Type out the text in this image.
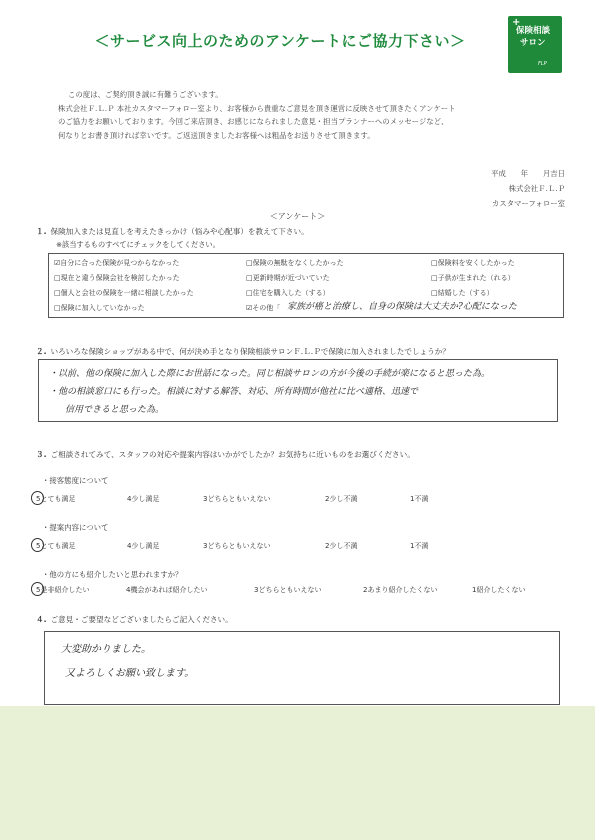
＜サービス向上のためのアンケートにご協力下さい＞
+
保険相談
サロン
FLP
この度は、ご契約頂き誠に有難うございます。
株式会社Ｆ.Ｌ.Ｐ 本社カスタマーフォロー室より、お客様から貴重なご意見を頂き運営に反映させて頂きたくアンケート
のご協力をお願いしております。今回ご来店頂き、お感じになられました意見・担当プランナーへのメッセージなど、
何なりとお書き頂ければ幸いです。ご返送頂きましたお客様へは粗品をお送りさせて頂きます。
平成　　年　　月吉日
株式会社Ｆ.Ｌ.Ｐ
カスタマーフォロー室
＜アンケート＞
１. 保険加入または見直しを考えたきっかけ（悩みや心配事）を教えて下さい。
※該当するものすべてにチェックをしてください。
☑自分に合った保険が見つからなかった	□保険の無駄をなくしたかった	□保険料を安くしたかった
□現在と違う保険会社を検討したかった	□更新時期が近づいていた	□子供が生まれた（れる）
□個人と会社の保険を一緒に相談したかった	□住宅を購入した（する）	□結婚した（する）
□保険に加入していなかった	☑その他「 家族が癌と治療し、自身の保険は大丈夫か?心配になった
２. いろいろな保険ショップがある中で、何が決め手となり保険相談サロンＦ.Ｌ.Ｐで保険に加入されましたでしょうか？
・以前、他の保険に加入した際にお世話になった。同じ相談サロンの方が今後の手続が楽になると思った為。
・他の相談窓口にも行った。相談に対する解答、対応、所有時間が他社に比べ適格、迅速で
信用できると思った為。
３. ご相談されてみて、スタッフの対応や提案内容はいかがでしたか？お気持ちに近いものをお選びください。
・接客態度について
5とても満足	4少し満足	3どちらともいえない	2少し不満	1不満
・提案内容について
5とても満足	4少し満足	3どちらともいえない	2少し不満	1不満
・他の方にも紹介したいと思われますか？
5是非紹介したい	4機会があれば紹介したい	3どちらともいえない	2あまり紹介したくない	1紹介したくない
４. ご意見・ご要望などございましたらご記入ください。
大変助かりました。
又よろしくお願い致します。
